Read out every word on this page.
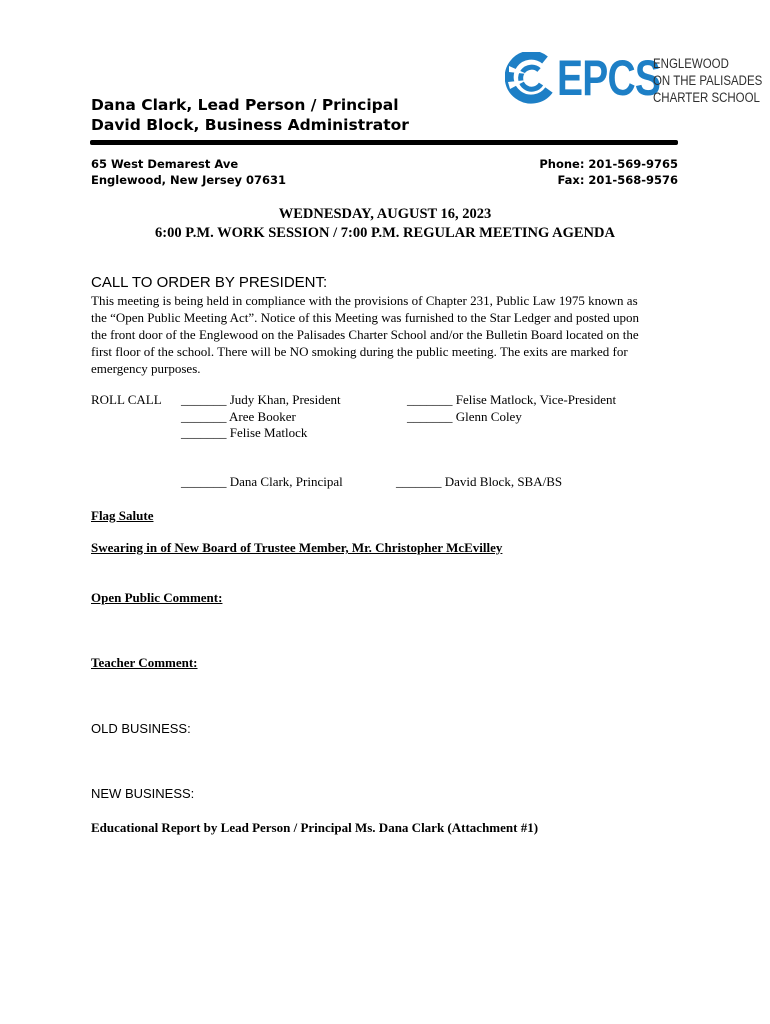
EPCS
ENGLEWOOD
ON THE PALISADES
CHARTER SCHOOL
Dana Clark, Lead Person / Principal
David Block, Business Administrator
65 West Demarest Ave
Englewood, New Jersey 07631
Phone: 201-569-9765
Fax: 201-568-9576
WEDNESDAY, AUGUST 16, 2023
6:00 P.M. WORK SESSION / 7:00 P.M. REGULAR MEETING AGENDA
CALL TO ORDER BY PRESIDENT:
This meeting is being held in compliance with the provisions of Chapter 231, Public Law 1975 known as
the “Open Public Meeting Act”. Notice of this Meeting was furnished to the Star Ledger and posted upon
the front door of the Englewood on the Palisades Charter School and/or the Bulletin Board located on the
first floor of the school. There will be NO smoking during the public meeting. The exits are marked for
emergency purposes.
ROLL CALL _______ Judy Khan, President
_______ Aree Booker
_______ Felise Matlock
_______ Felise Matlock, Vice-President
_______ Glenn Coley
_______ Dana Clark, Principal	_______ David Block, SBA/BS
Flag Salute
Swearing in of New Board of Trustee Member, Mr. Christopher McEvilley
Open Public Comment:
Teacher Comment:
OLD BUSINESS:
NEW BUSINESS:
Educational Report by Lead Person / Principal Ms. Dana Clark (Attachment #1)
